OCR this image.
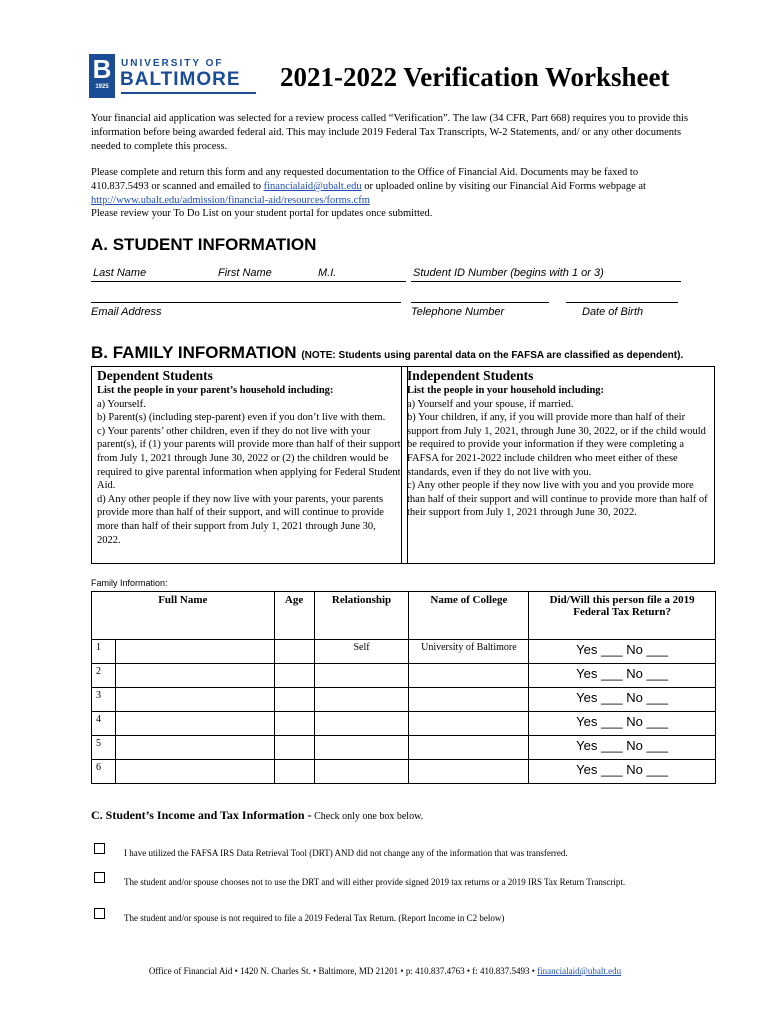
B
1925
UNIVERSITY OF
BALTIMORE 2021-2022 Verification Worksheet
Your financial aid application was selected for a review process called “Verification”. The law (34 CFR, Part 668) requires you to provide this information before being awarded federal aid. This may include 2019 Federal Tax Transcripts, W-2 Statements, and/ or any other documents needed to complete this process.
Please complete and return this form and any requested documentation to the Office of Financial Aid. Documents may be faxed to 410.837.5493 or scanned and emailed to financialaid@ubalt.edu or uploaded online by visiting our Financial Aid Forms webpage at http://www.ubalt.edu/admission/financial-aid/resources/forms.cfm
Please review your To Do List on your student portal for updates once submitted.
A. STUDENT INFORMATION
Last Name	First Name	M.I.	Student ID Number (begins with 1 or 3)
Email Address	Telephone Number	Date of Birth
B. FAMILY INFORMATION (NOTE: Students using parental data on the FAFSA are classified as dependent).
Dependent Students
List the people in your parent’s household including:
a) Yourself.
b) Parent(s) (including step-parent) even if you don’t live with them.
c) Your parents’ other children, even if they do not live with your parent(s), if (1) your parents will provide more than half of their support from July 1, 2021 through June 30, 2022 or (2) the children would be required to give parental information when applying for Federal Student Aid.
d) Any other people if they now live with your parents, your parents provide more than half of their support, and will continue to provide more than half of their support from July 1, 2021 through June 30, 2022.
Independent Students
List the people in your household including:
a) Yourself and your spouse, if married.
b) Your children, if any, if you will provide more than half of their support from July 1, 2021, through June 30, 2022, or if the child would be required to provide your information if they were completing a FAFSA for 2021-2022 include children who meet either of these standards, even if they do not live with you.
c) Any other people if they now live with you and you provide more than half of their support and will continue to provide more than half of their support from July 1, 2021 through June 30, 2022.
Family Information:
Full Name		Age	Relationship	Name of College	Did/Will this person file a 2019 Federal Tax Return?
1			Self	University of Baltimore	Yes ___ No ___
2					Yes ___ No ___
3					Yes ___ No ___
4					Yes ___ No ___
5					Yes ___ No ___
6					Yes ___ No ___
C. Student’s Income and Tax Information - Check only one box below.
I have utilized the FAFSA IRS Data Retrieval Tool (DRT) AND did not change any of the information that was transferred.
The student and/or spouse chooses not to use the DRT and will either provide signed 2019 tax returns or a 2019 IRS Tax Return Transcript.
The student and/or spouse is not required to file a 2019 Federal Tax Return. (Report Income in C2 below)
Office of Financial Aid • 1420 N. Charles St. • Baltimore, MD 21201 • p: 410.837.4763 • f: 410.837.5493 • financialaid@ubalt.edu
